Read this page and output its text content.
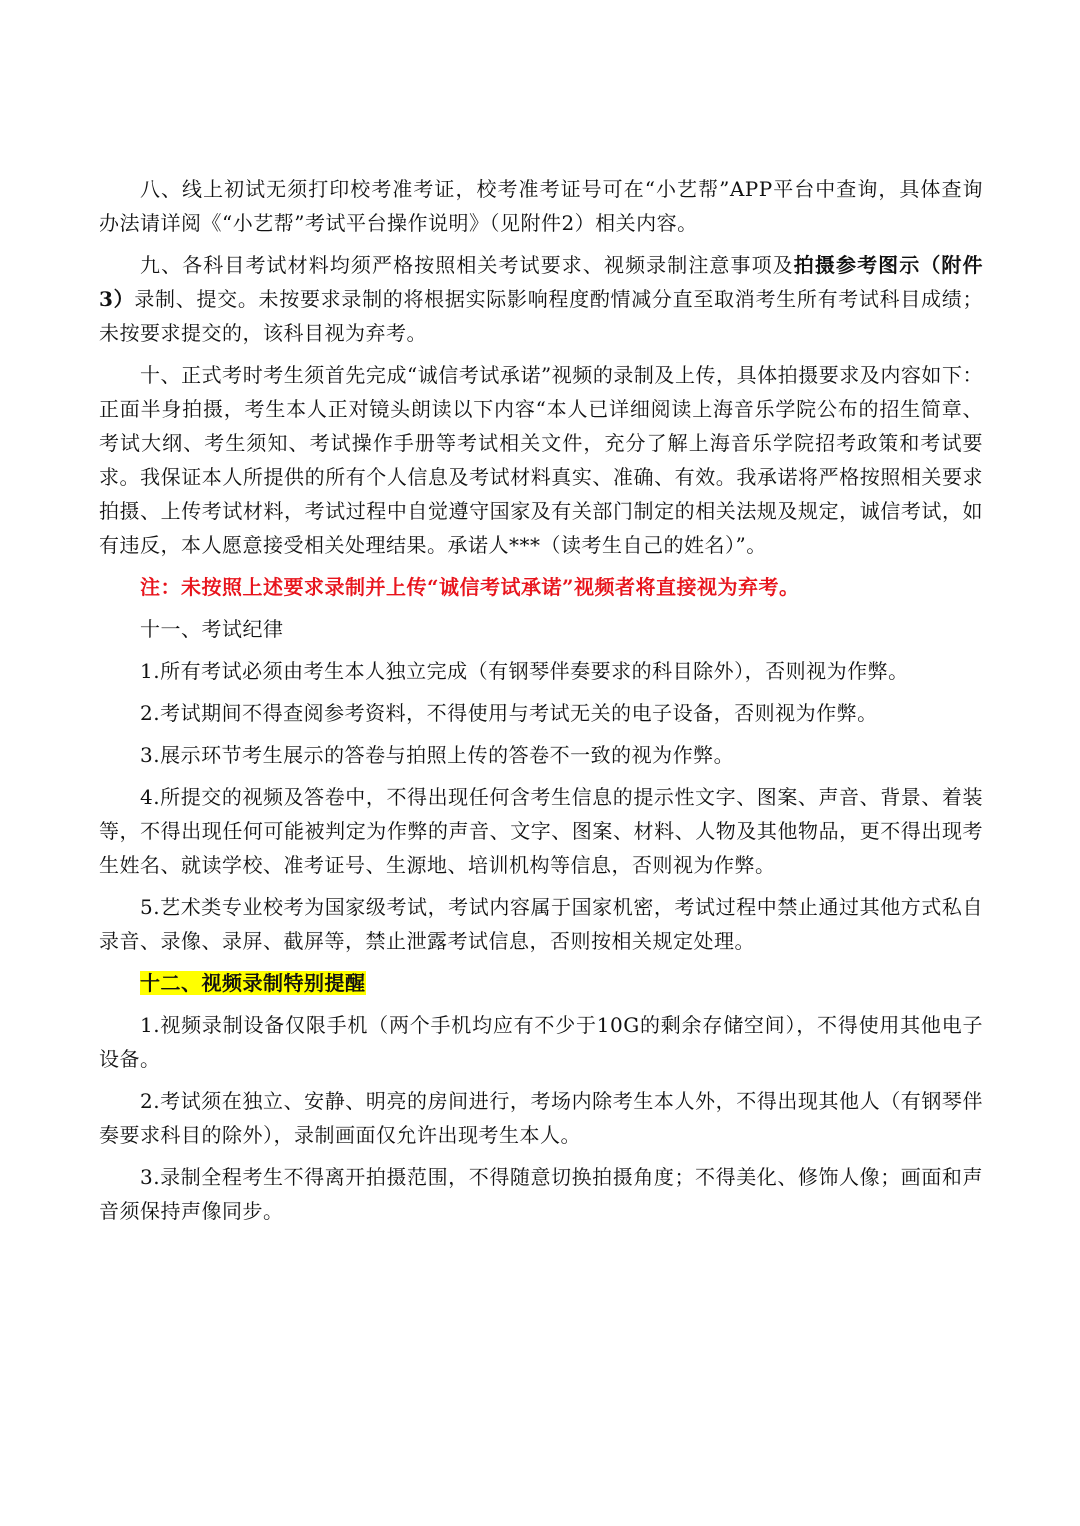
八、线上初试无须打印校考准考证，校考准考证号可在“小艺帮”APP平台中查询，具体查询办法请详阅《“小艺帮”考试平台操作说明》（见附件2）相关内容。

九、各科目考试材料均须严格按照相关考试要求、视频录制注意事项及拍摄参考图示（附件3）录制、提交。未按要求录制的将根据实际影响程度酌情减分直至取消考生所有考试科目成绩；未按要求提交的，该科目视为弃考。

十、正式考时考生须首先完成“诚信考试承诺”视频的录制及上传，具体拍摄要求及内容如下：正面半身拍摄，考生本人正对镜头朗读以下内容“本人已详细阅读上海音乐学院公布的招生简章、考试大纲、考生须知、考试操作手册等考试相关文件，充分了解上海音乐学院招考政策和考试要求。我保证本人所提供的所有个人信息及考试材料真实、准确、有效。我承诺将严格按照相关要求拍摄、上传考试材料，考试过程中自觉遵守国家及有关部门制定的相关法规及规定，诚信考试，如有违反，本人愿意接受相关处理结果。承诺人***（读考生自己的姓名）”。

注：未按照上述要求录制并上传“诚信考试承诺”视频者将直接视为弃考。

十一、考试纪律

1.所有考试必须由考生本人独立完成（有钢琴伴奏要求的科目除外），否则视为作弊。

2.考试期间不得查阅参考资料，不得使用与考试无关的电子设备，否则视为作弊。

3.展示环节考生展示的答卷与拍照上传的答卷不一致的视为作弊。

4.所提交的视频及答卷中，不得出现任何含考生信息的提示性文字、图案、声音、背景、着装等，不得出现任何可能被判定为作弊的声音、文字、图案、材料、人物及其他物品，更不得出现考生姓名、就读学校、准考证号、生源地、培训机构等信息，否则视为作弊。

5.艺术类专业校考为国家级考试，考试内容属于国家机密，考试过程中禁止通过其他方式私自录音、录像、录屏、截屏等，禁止泄露考试信息，否则按相关规定处理。

十二、视频录制特别提醒

1.视频录制设备仅限手机（两个手机均应有不少于10G的剩余存储空间），不得使用其他电子设备。

2.考试须在独立、安静、明亮的房间进行，考场内除考生本人外，不得出现其他人（有钢琴伴奏要求科目的除外），录制画面仅允许出现考生本人。

3.录制全程考生不得离开拍摄范围，不得随意切换拍摄角度；不得美化、修饰人像；画面和声音须保持声像同步。
